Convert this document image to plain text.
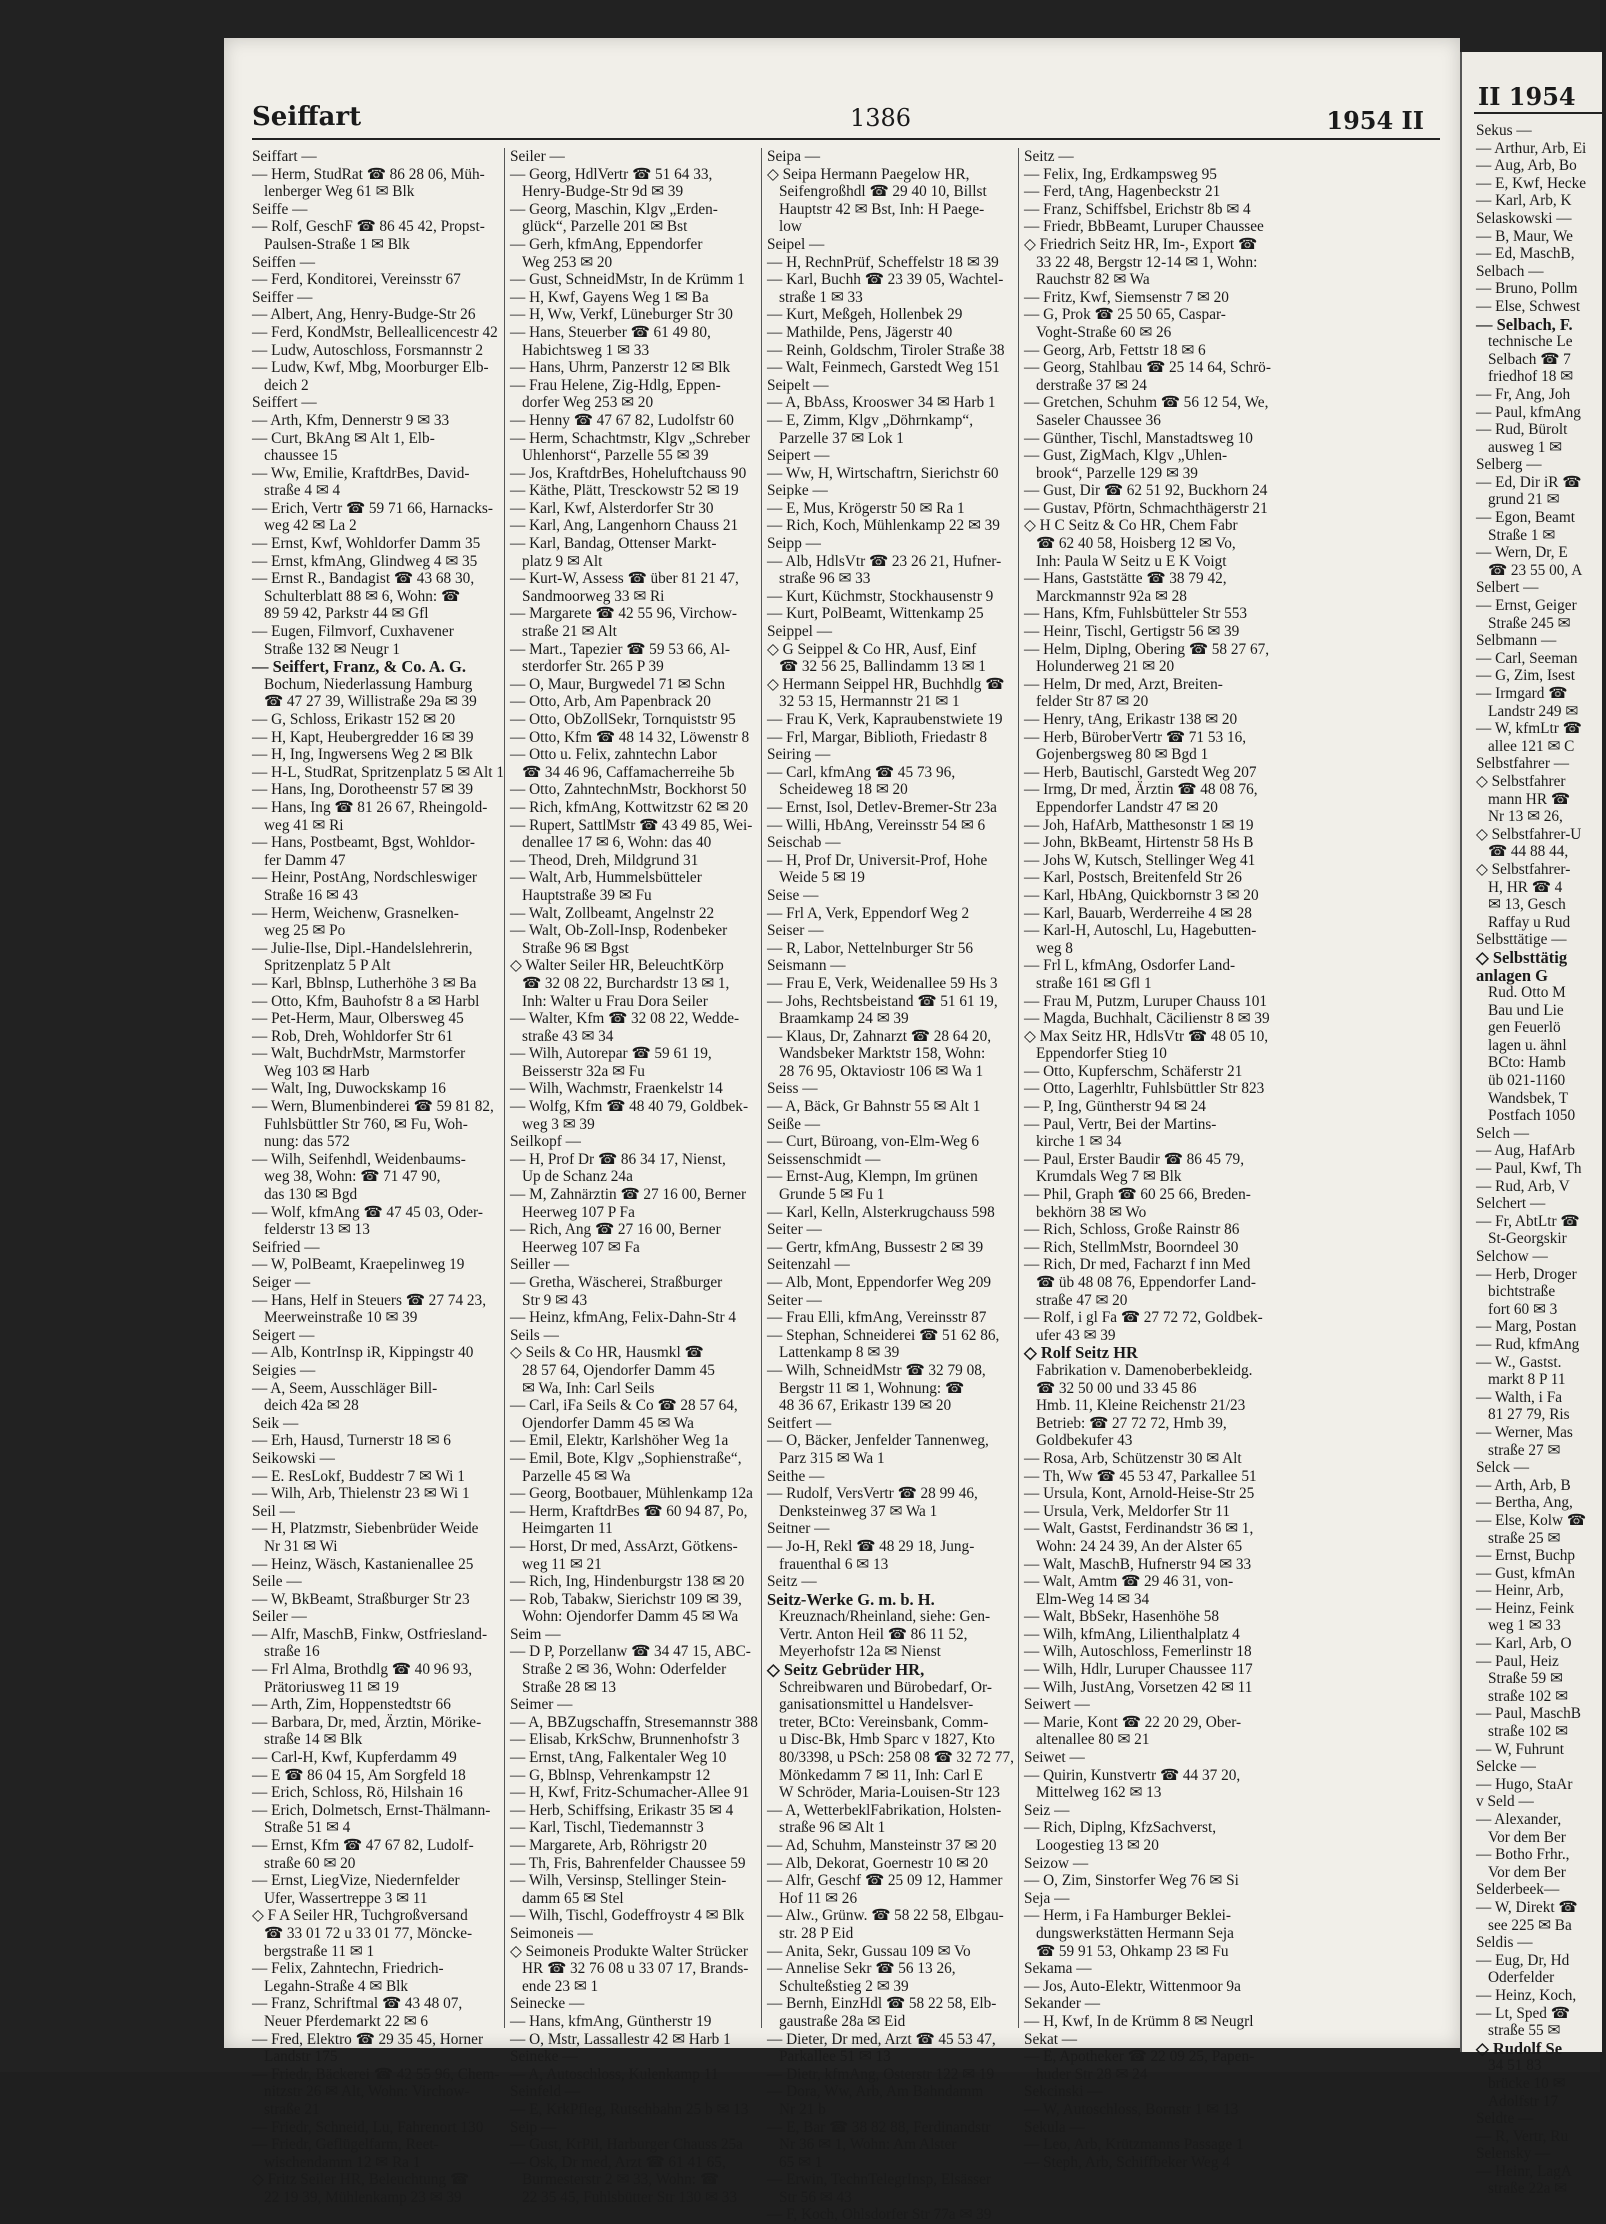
Seiffart	1386	1954 II
Seiffart —
— Herm, StudRat ☎ 86 28 06, Müh-
lenberger Weg 61 ✉ Blk
Seiffe —
— Rolf, GeschF ☎ 86 45 42, Propst-
Paulsen-Straße 1 ✉ Blk
Seiffen —
— Ferd, Konditorei, Vereinsstr 67
Seiffer —
— Albert, Ang, Henry-Budge-Str 26
— Ferd, KondMstr, Belleallicencestr 42
— Ludw, Autoschloss, Forsmannstr 2
— Ludw, Kwf, Mbg, Moorburger Elb-
deich 2
Seiffert —
— Arth, Kfm, Dennerstr 9 ✉ 33
— Curt, BkAng ✉ Alt 1, Elb-
chaussee 15
— Ww, Emilie, KraftdrBes, David-
straße 4 ✉ 4
— Erich, Vertr ☎ 59 71 66, Harnacks-
weg 42 ✉ La 2
— Ernst, Kwf, Wohldorfer Damm 35
— Ernst, kfmAng, Glindweg 4 ✉ 35
— Ernst R., Bandagist ☎ 43 68 30,
Schulterblatt 88 ✉ 6, Wohn: ☎
89 59 42, Parkstr 44 ✉ Gfl
— Eugen, Filmvorf, Cuxhavener
Straße 132 ✉ Neugr 1
— Seiffert, Franz, & Co. A. G.
Bochum, Niederlassung Hamburg
☎ 47 27 39, Willistraße 29a ✉ 39
— G, Schloss, Erikastr 152 ✉ 20
— H, Kapt, Heubergredder 16 ✉ 39
— H, Ing, Ingwersens Weg 2 ✉ Blk
— H-L, StudRat, Spritzenplatz 5 ✉ Alt 1
— Hans, Ing, Dorotheenstr 57 ✉ 39
— Hans, Ing ☎ 81 26 67, Rheingold-
weg 41 ✉ Ri
— Hans, Postbeamt, Bgst, Wohldor-
fer Damm 47
— Heinr, PostAng, Nordschleswiger
Straße 16 ✉ 43
— Herm, Weichenw, Grasnelken-
weg 25 ✉ Po
— Julie-Ilse, Dipl.-Handelslehrerin,
Spritzenplatz 5 P Alt
— Karl, Bblnsp, Lutherhöhe 3 ✉ Ba
— Otto, Kfm, Bauhofstr 8 a ✉ Harbl
— Pet-Herm, Maur, Olbersweg 45
— Rob, Dreh, Wohldorfer Str 61
— Walt, BuchdrMstr, Marmstorfer
Weg 103 ✉ Harb
— Walt, Ing, Duwockskamp 16
— Wern, Blumenbinderei ☎ 59 81 82,
Fuhlsbüttler Str 760, ✉ Fu, Woh-
nung: das 572
— Wilh, Seifenhdl, Weidenbaums-
weg 38, Wohn: ☎ 71 47 90,
das 130 ✉ Bgd
— Wolf, kfmAng ☎ 47 45 03, Oder-
felderstr 13 ✉ 13
Seifried —
— W, PolBeamt, Kraepelinweg 19
Seiger —
— Hans, Helf in Steuers ☎ 27 74 23,
Meerweinstraße 10 ✉ 39
Seigert —
— Alb, KontrInsp iR, Kippingstr 40
Seigies —
— A, Seem, Ausschläger Bill-
deich 42a ✉ 28
Seik —
— Erh, Hausd, Turnerstr 18 ✉ 6
Seikowski —
— E. ResLokf, Buddestr 7 ✉ Wi 1
— Wilh, Arb, Thielenstr 23 ✉ Wi 1
Seil —
— H, Platzmstr, Siebenbrüder Weide
Nr 31 ✉ Wi
— Heinz, Wäsch, Kastanienallee 25
Seile —
— W, BkBeamt, Straßburger Str 23
Seiler —
— Alfr, MaschB, Finkw, Ostfriesland-
straße 16
— Frl Alma, Brothdlg ☎ 40 96 93,
Prätoriusweg 11 ✉ 19
— Arth, Zim, Hoppenstedtstr 66
— Barbara, Dr, med, Ärztin, Mörike-
straße 14 ✉ Blk
— Carl-H, Kwf, Kupferdamm 49
— E ☎ 86 04 15, Am Sorgfeld 18
— Erich, Schloss, Rö, Hilshain 16
— Erich, Dolmetsch, Ernst-Thälmann-
Straße 51 ✉ 4
— Ernst, Kfm ☎ 47 67 82, Ludolf-
straße 60 ✉ 20
— Ernst, LiegVize, Niedernfelder
Ufer, Wassertreppe 3 ✉ 11
◇ F A Seiler HR, Tuchgroßversand
☎ 33 01 72 u 33 01 77, Möncke-
bergstraße 11 ✉ 1
— Felix, Zahntechn, Friedrich-
Legahn-Straße 4 ✉ Blk
— Franz, Schriftmal ☎ 43 48 07,
Neuer Pferdemarkt 22 ✉ 6
— Fred, Elektro ☎ 29 35 45, Horner
Landstr 175
— Friedr, Bäckerei ☎ 42 55 96, Chem-
nitzstr 26 ✉ Alt, Wohn: Virchow-
straße 21
— Friedr, Schneid, Lu, Fahrenort 130
— Friedr, Geflügelfarm, Reet-
wischendamm 12 ✉ Ra 1
◇ Fritz Seiler HR, Beleuchtung ☎
22 19 39, Mühlenkamp 23 ✉ 39
Seiler —
— Georg, HdlVertr ☎ 51 64 33,
Henry-Budge-Str 9d ✉ 39
— Georg, Maschin, Klgv „Erden-
glück“, Parzelle 201 ✉ Bst
— Gerh, kfmAng, Eppendorfer
Weg 253 ✉ 20
— Gust, SchneidMstr, In de Krümm 1
— H, Kwf, Gayens Weg 1 ✉ Ba
— H, Ww, Verkf, Lüneburger Str 30
— Hans, Steuerber ☎ 61 49 80,
Habichtsweg 1 ✉ 33
— Hans, Uhrm, Panzerstr 12 ✉ Blk
— Frau Helene, Zig-Hdlg, Eppen-
dorfer Weg 253 ✉ 20
— Henny ☎ 47 67 82, Ludolfstr 60
— Herm, Schachtmstr, Klgv „Schreber
Uhlenhorst“, Parzelle 55 ✉ 39
— Jos, KraftdrBes, Hoheluftchauss 90
— Käthe, Plätt, Tresckowstr 52 ✉ 19
— Karl, Kwf, Alsterdorfer Str 30
— Karl, Ang, Langenhorn Chauss 21
— Karl, Bandag, Ottenser Markt-
platz 9 ✉ Alt
— Kurt-W, Assess ☎ über 81 21 47,
Sandmoorweg 33 ✉ Ri
— Margarete ☎ 42 55 96, Virchow-
straße 21 ✉ Alt
— Mart., Tapezier ☎ 59 53 66, Al-
sterdorfer Str. 265 P 39
— O, Maur, Burgwedel 71 ✉ Schn
— Otto, Arb, Am Papenbrack 20
— Otto, ObZollSekr, Tornquiststr 95
— Otto, Kfm ☎ 48 14 32, Löwenstr 8
— Otto u. Felix, zahntechn Labor
☎ 34 46 96, Caffamacherreihe 5b
— Otto, ZahntechnMstr, Bockhorst 50
— Rich, kfmAng, Kottwitzstr 62 ✉ 20
— Rupert, SattlMstr ☎ 43 49 85, Wei-
denallee 17 ✉ 6, Wohn: das 40
— Theod, Dreh, Mildgrund 31
— Walt, Arb, Hummelsbütteler
Hauptstraße 39 ✉ Fu
— Walt, Zollbeamt, Angelnstr 22
— Walt, Ob-Zoll-Insp, Rodenbeker
Straße 96 ✉ Bgst
◇ Walter Seiler HR, BeleuchtKörp
☎ 32 08 22, Burchardstr 13 ✉ 1,
Inh: Walter u Frau Dora Seiler
— Walter, Kfm ☎ 32 08 22, Wedde-
straße 43 ✉ 34
— Wilh, Autorepar ☎ 59 61 19,
Beisserstr 32a ✉ Fu
— Wilh, Wachmstr, Fraenkelstr 14
— Wolfg, Kfm ☎ 48 40 79, Goldbek-
weg 3 ✉ 39
Seilkopf —
— H, Prof Dr ☎ 86 34 17, Nienst,
Up de Schanz 24a
— M, Zahnärztin ☎ 27 16 00, Berner
Heerweg 107 P Fa
— Rich, Ang ☎ 27 16 00, Berner
Heerweg 107 ✉ Fa
Seiller —
— Gretha, Wäscherei, Straßburger
Str 9 ✉ 43
— Heinz, kfmAng, Felix-Dahn-Str 4
Seils —
◇ Seils & Co HR, Hausmkl ☎
28 57 64, Ojendorfer Damm 45
✉ Wa, Inh: Carl Seils
— Carl, iFa Seils & Co ☎ 28 57 64,
Ojendorfer Damm 45 ✉ Wa
— Emil, Elektr, Karlshöher Weg 1a
— Emil, Bote, Klgv „Sophienstraße“,
Parzelle 45 ✉ Wa
— Georg, Bootbauer, Mühlenkamp 12a
— Herm, KraftdrBes ☎ 60 94 87, Po,
Heimgarten 11
— Horst, Dr med, AssArzt, Götkens-
weg 11 ✉ 21
— Rich, Ing, Hindenburgstr 138 ✉ 20
— Rob, Tabakw, Sierichstr 109 ✉ 39,
Wohn: Ojendorfer Damm 45 ✉ Wa
Seim —
— D P, Porzellanw ☎ 34 47 15, ABC-
Straße 2 ✉ 36, Wohn: Oderfelder
Straße 28 ✉ 13
Seimer —
— A, BBZugschaffn, Stresemannstr 388
— Elisab, KrkSchw, Brunnenhofstr 3
— Ernst, tAng, Falkentaler Weg 10
— G, Bblnsp, Vehrenkampstr 12
— H, Kwf, Fritz-Schumacher-Allee 91
— Herb, Schiffsing, Erikastr 35 ✉ 4
— Karl, Tischl, Tiedemannstr 3
— Margarete, Arb, Röhrigstr 20
— Th, Fris, Bahrenfelder Chaussee 59
— Wilh, Versinsp, Stellinger Stein-
damm 65 ✉ Stel
— Wilh, Tischl, Godeffroystr 4 ✉ Blk
Seimoneis —
◇ Seimoneis Produkte Walter Strücker
HR ☎ 32 76 08 u 33 07 17, Brands-
ende 23 ✉ 1
Seinecke —
— Hans, kfmAng, Güntherstr 19
— O, Mstr, Lassallestr 42 ✉ Harb 1
Seineke —
— A, Autoschloss, Kulenkamp 11
Seinfeld —
— E, KrkPfleg, Rutschbahn 25 b ✉ 13
Seip —
— Gust, KrPil, Harburger Chauss 25a
— Osk, Dr med, Arzt ☎ 61 41 65,
Burmesterstr 2 ✉ 33, Wohn: ☎
22 35 45, Fuhlsbütter Str 130 ✉ 33
Seipa —
◇ Seipa Hermann Paegelow HR,
Seifengroßhdl ☎ 29 40 10, Billst
Hauptstr 42 ✉ Bst, Inh: H Paege-
low
Seipel —
— H, RechnPrüf, Scheffelstr 18 ✉ 39
— Karl, Buchh ☎ 23 39 05, Wachtel-
straße 1 ✉ 33
— Kurt, Meßgeh, Hollenbek 29
— Mathilde, Pens, Jägerstr 40
— Reinh, Goldschm, Tiroler Straße 38
— Walt, Feinmech, Garstedt Weg 151
Seipelt —
— A, BbAss, Krooswег 34 ✉ Harb 1
— E, Zimm, Klgv „Döhrnkamp“,
Parzelle 37 ✉ Lok 1
Seipert —
— Ww, H, Wirtschaftrn, Sierichstr 60
Seipke —
— E, Mus, Krögerstr 50 ✉ Ra 1
— Rich, Koch, Mühlenkamp 22 ✉ 39
Seipp —
— Alb, HdlsVtr ☎ 23 26 21, Hufner-
straße 96 ✉ 33
— Kurt, Küchmstr, Stockhausenstr 9
— Kurt, PolBeamt, Wittenkamp 25
Seippel —
◇ G Seippel & Co HR, Ausf, Einf
☎ 32 56 25, Ballindamm 13 ✉ 1
◇ Hermann Seippel HR, Buchhdlg ☎
32 53 15, Hermannstr 21 ✉ 1
— Frau K, Verk, Kapraubenstwiete 19
— Frl, Margar, Biblioth, Friedastr 8
Seiring —
— Carl, kfmAng ☎ 45 73 96,
Scheideweg 18 ✉ 20
— Ernst, Isol, Detlev-Bremer-Str 23a
— Willi, HbAng, Vereinsstr 54 ✉ 6
Seischab —
— H, Prof Dr, Universit-Prof, Hohe
Weide 5 ✉ 19
Seise —
— Frl A, Verk, Eppendorf Weg 2
Seiser —
— R, Labor, Nettelnburger Str 56
Seismann —
— Frau E, Verk, Weidenallee 59 Hs 3
— Johs, Rechtsbeistand ☎ 51 61 19,
Braamkamp 24 ✉ 39
— Klaus, Dr, Zahnarzt ☎ 28 64 20,
Wandsbeker Marktstr 158, Wohn:
28 76 95, Oktaviostr 106 ✉ Wa 1
Seiss —
— A, Bäck, Gr Bahnstr 55 ✉ Alt 1
Seiße —
— Curt, Büroang, von-Elm-Weg 6
Seissenschmidt —
— Ernst-Aug, Klempn, Im grünen
Grunde 5 ✉ Fu 1
— Karl, Kelln, Alsterkrugchauss 598
Seiter —
— Gertr, kfmAng, Bussestr 2 ✉ 39
Seitenzahl —
— Alb, Mont, Eppendorfer Weg 209
Seiter —
— Frau Elli, kfmAng, Vereinsstr 87
— Stephan, Schneiderei ☎ 51 62 86,
Lattenkamp 8 ✉ 39
— Wilh, SchneidMstr ☎ 32 79 08,
Bergstr 11 ✉ 1, Wohnung: ☎
48 36 67, Erikastr 139 ✉ 20
Seitfert —
— O, Bäcker, Jenfelder Tannenweg,
Parz 315 ✉ Wa 1
Seithe —
— Rudolf, VersVertr ☎ 28 99 46,
Denksteinweg 37 ✉ Wa 1
Seitner —
— Jo-H, Rekl ☎ 48 29 18, Jung-
frauenthal 6 ✉ 13
Seitz —
Seitz-Werke G. m. b. H.
Kreuznach/Rheinland, siehe: Gen-
Vertr. Anton Heil ☎ 86 11 52,
Meyerhofstr 12a ✉ Nienst
◇ Seitz Gebrüder HR,
Schreibwaren und Bürobedarf, Or-
ganisationsmittel u Handelsver-
treter, BCto: Vereinsbank, Comm-
u Disc-Bk, Hmb Sparc v 1827, Kto
80/3398, u PSch: 258 08 ☎ 32 72 77,
Mönkedamm 7 ✉ 11, Inh: Carl E
W Schröder, Maria-Louisen-Str 123
— A, WetterbeklFabrikation, Holsten-
straße 96 ✉ Alt 1
— Ad, Schuhm, Mansteinstr 37 ✉ 20
— Alb, Dekorat, Goernestr 10 ✉ 20
— Alfr, Geschf ☎ 25 09 12, Hammer
Hof 11 ✉ 26
— Alw., Grünw. ☎ 58 22 58, Elbgau-
str. 28 P Eid
— Anita, Sekr, Gussau 109 ✉ Vo
— Annelise Sekr ☎ 56 13 26,
Schulteßstieg 2 ✉ 39
— Bernh, EinzHdl ☎ 58 22 58, Elb-
gaustraße 28a ✉ Eid
— Dieter, Dr med, Arzt ☎ 45 53 47,
Parkallee 51 ✉ 13
— Dietr, kfmAng, Osterstr 122 ✉ 19
— Dora, Ww, Arb, Am Bahndamm
Nr 21 b
— E, Bar ☎ 38 82 88, Ferdinandstr
Nr 36 ✉ 1, Wohn: Am Alster
65 ✉ 1
— Erwin, TechnTelegrInsp, Elsässer
Str 56 ✉ 43
— F, Koch, Ohlsdorfer Str 77a ✉ 39
Seitz —
— Felix, Ing, Erdkampsweg 95
— Ferd, tAng, Hagenbeckstr 21
— Franz, Schiffsbel, Erichstr 8b ✉ 4
— Friedr, BbBeamt, Luruper Chaussee
◇ Friedrich Seitz HR, Im-, Export ☎
33 22 48, Bergstr 12-14 ✉ 1, Wohn:
Rauchstr 82 ✉ Wa
— Fritz, Kwf, Siemsenstr 7 ✉ 20
— G, Prok ☎ 25 50 65, Caspar-
Voght-Straße 60 ✉ 26
— Georg, Arb, Fettstr 18 ✉ 6
— Georg, Stahlbau ☎ 25 14 64, Schrö-
derstraße 37 ✉ 24
— Gretchen, Schuhm ☎ 56 12 54, We,
Saseler Chaussee 36
— Günther, Tischl, Manstadtsweg 10
— Gust, ZigMach, Klgv „Uhlen-
brook“, Parzelle 129 ✉ 39
— Gust, Dir ☎ 62 51 92, Buckhorn 24
— Gustav, Pförtn, Schmachthägerstr 21
◇ H C Seitz & Co HR, Chem Fabr
☎ 62 40 58, Hoisberg 12 ✉ Vo,
Inh: Paula W Seitz u E K Voigt
— Hans, Gaststätte ☎ 38 79 42,
Marckmannstr 92a ✉ 28
— Hans, Kfm, Fuhlsbütteler Str 553
— Heinr, Tischl, Gertigstr 56 ✉ 39
— Helm, Diplng, Obering ☎ 58 27 67,
Holunderweg 21 ✉ 20
— Helm, Dr med, Arzt, Breiten-
felder Str 87 ✉ 20
— Henry, tAng, Erikastr 138 ✉ 20
— Herb, BüroberVertr ☎ 71 53 16,
Gojenbergsweg 80 ✉ Bgd 1
— Herb, Bautischl, Garstedt Weg 207
— Irmg, Dr med, Ärztin ☎ 48 08 76,
Eppendorfer Landstr 47 ✉ 20
— Joh, HafArb, Matthesonstr 1 ✉ 19
— John, BkBeamt, Hirtenstr 58 Hs B
— Johs W, Kutsch, Stellinger Weg 41
— Karl, Postsch, Breitenfeld Str 26
— Karl, HbAng, Quickbornstr 3 ✉ 20
— Karl, Bauarb, Werderreihe 4 ✉ 28
— Karl-H, Autoschl, Lu, Hagebutten-
weg 8
— Frl L, kfmAng, Osdorfer Land-
straße 161 ✉ Gfl 1
— Frau M, Putzm, Luruper Chauss 101
— Magda, Buchhalt, Cäcilienstr 8 ✉ 39
◇ Max Seitz HR, HdlsVtr ☎ 48 05 10,
Eppendorfer Stieg 10
— Otto, Kupferschm, Schäferstr 21
— Otto, Lagerhltr, Fuhlsbüttler Str 823
— P, Ing, Güntherstr 94 ✉ 24
— Paul, Vertr, Bei der Martins-
kirche 1 ✉ 34
— Paul, Erster Baudir ☎ 86 45 79,
Krumdals Weg 7 ✉ Blk
— Phil, Graph ☎ 60 25 66, Breden-
bekhörn 38 ✉ Wo
— Rich, Schloss, Große Rainstr 86
— Rich, StellmMstr, Boorndeel 30
— Rich, Dr med, Facharzt f inn Med
☎ üb 48 08 76, Eppendorfer Land-
straße 47 ✉ 20
— Rolf, i gl Fa ☎ 27 72 72, Goldbek-
ufer 43 ✉ 39
◇ Rolf Seitz HR
Fabrikation v. Damenoberbekleidg.
☎ 32 50 00 und 33 45 86
Hmb. 11, Kleine Reichenstr 21/23
Betrieb: ☎ 27 72 72, Hmb 39,
Goldbekufer 43
— Rosa, Arb, Schützenstr 30 ✉ Alt
— Th, Ww ☎ 45 53 47, Parkallee 51
— Ursula, Kont, Arnold-Heise-Str 25
— Ursula, Verk, Meldorfer Str 11
— Walt, Gastst, Ferdinandstr 36 ✉ 1,
Wohn: 24 24 39, An der Alster 65
— Walt, MaschB, Hufnerstr 94 ✉ 33
— Walt, Amtm ☎ 29 46 31, von-
Elm-Weg 14 ✉ 34
— Walt, BbSekr, Hasenhöhe 58
— Wilh, kfmAng, Lilienthalplatz 4
— Wilh, Autoschloss, Femerlinstr 18
— Wilh, Hdlr, Luruper Chaussee 117
— Wilh, JustAng, Vorsetzen 42 ✉ 11
Seiwert —
— Marie, Kont ☎ 22 20 29, Ober-
altenallee 80 ✉ 21
Seiwet —
— Quirin, Kunstvertr ☎ 44 37 20,
Mittelweg 162 ✉ 13
Seiz —
— Rich, Diplng, KfzSachverst,
Loogestieg 13 ✉ 20
Seizow —
— O, Zim, Sinstorfer Weg 76 ✉ Si
Seja —
— Herm, i Fa Hamburger Beklei-
dungswerkstätten Hermann Seja
☎ 59 91 53, Ohkamp 23 ✉ Fu
Sekama —
— Jos, Auto-Elektr, Wittenmoor 9a
Sekander —
— H, Kwf, In de Krümm 8 ✉ Neugrl
Sekat —
— E, Apotheker ☎ 22 09 25, Papen-
huder Str 28 ✉ 24
Sekcinski —
— W, Autoschloss, Bornstr 1 ✉ 13
Sekula —
— Leo, Arb, Krützmanns Passage 1
— Steph, Arb, Schiffbeker Weg 4
II 1954
Sekus —
— Arthur, Arb, Ei
— Aug, Arb, Bo
— E, Kwf, Hecke
— Karl, Arb, K
Selaskowski —
— B, Maur, We
— Ed, MaschB,
Selbach —
— Bruno, Pollm
— Else, Schwest
— Selbach, F.
technische Le
Selbach ☎ 7
friedhof 18 ✉
— Fr, Ang, Joh
— Paul, kfmAng
— Rud, Bürolt
ausweg 1 ✉
Selberg —
— Ed, Dir iR ☎
grund 21 ✉
— Egon, Beamt
Straße 1 ✉
— Wern, Dr, E
☎ 23 55 00, A
Selbert —
— Ernst, Geiger
Straße 245 ✉
Selbmann —
— Carl, Seeman
— G, Zim, Isest
— Irmgard ☎
Landstr 249 ✉
— W, kfmLtr ☎
allee 121 ✉ C
Selbstfahrer —
◇ Selbstfahrer
mann HR ☎
Nr 13 ✉ 26,
◇ Selbstfahrer-U
☎ 44 88 44,
◇ Selbstfahrer-
H, HR ☎ 4
✉ 13, Gesch
Raffay u Rud
Selbsttätige —
◇ Selbsttätig
anlagen G
Rud. Otto M
Bau und Lie
gen Feuerlö
lagen u. ähnl
BCto: Hamb
üb 021-1160
Wandsbek, T
Postfach 1050
Selch —
— Aug, HafArb
— Paul, Kwf, Th
— Rud, Arb, V
Selchert —
— Fr, AbtLtr ☎
St-Georgskir
Selchow —
— Herb, Droger
bichtstraße
fort 60 ✉ 3
— Marg, Postan
— Rud, kfmAng
— W., Gastst.
markt 8 P 11
— Walth, i Fa
81 27 79, Ris
— Werner, Mas
straße 27 ✉
Selck —
— Arth, Arb, B
— Bertha, Ang,
— Else, Kolw ☎
straße 25 ✉
— Ernst, Buchp
— Gust, kfmAn
— Heinr, Arb,
— Heinz, Feink
weg 1 ✉ 33
— Karl, Arb, O
— Paul, Heiz
Straße 59 ✉
straße 102 ✉
— Paul, MaschB
straße 102 ✉
— W, Fuhrunt
Selcke —
— Hugo, StaAr
v Seld —
— Alexander,
Vor dem Ber
— Botho Frhr.,
Vor dem Ber
Selderbeek—
— W, Direkt ☎
see 225 ✉ Ba
Seldis —
— Eug, Dr, Hd
Oderfelder
— Heinz, Koch,
— Lt, Sped ☎
straße 55 ✉
◇ Rudolf Se
34 51 83
brücke 10 ✉
Adolfstr 17
Seldte —
— R, Vertr, Ru
Selensky —
— Heinr, LagA
straße 22a ✉
